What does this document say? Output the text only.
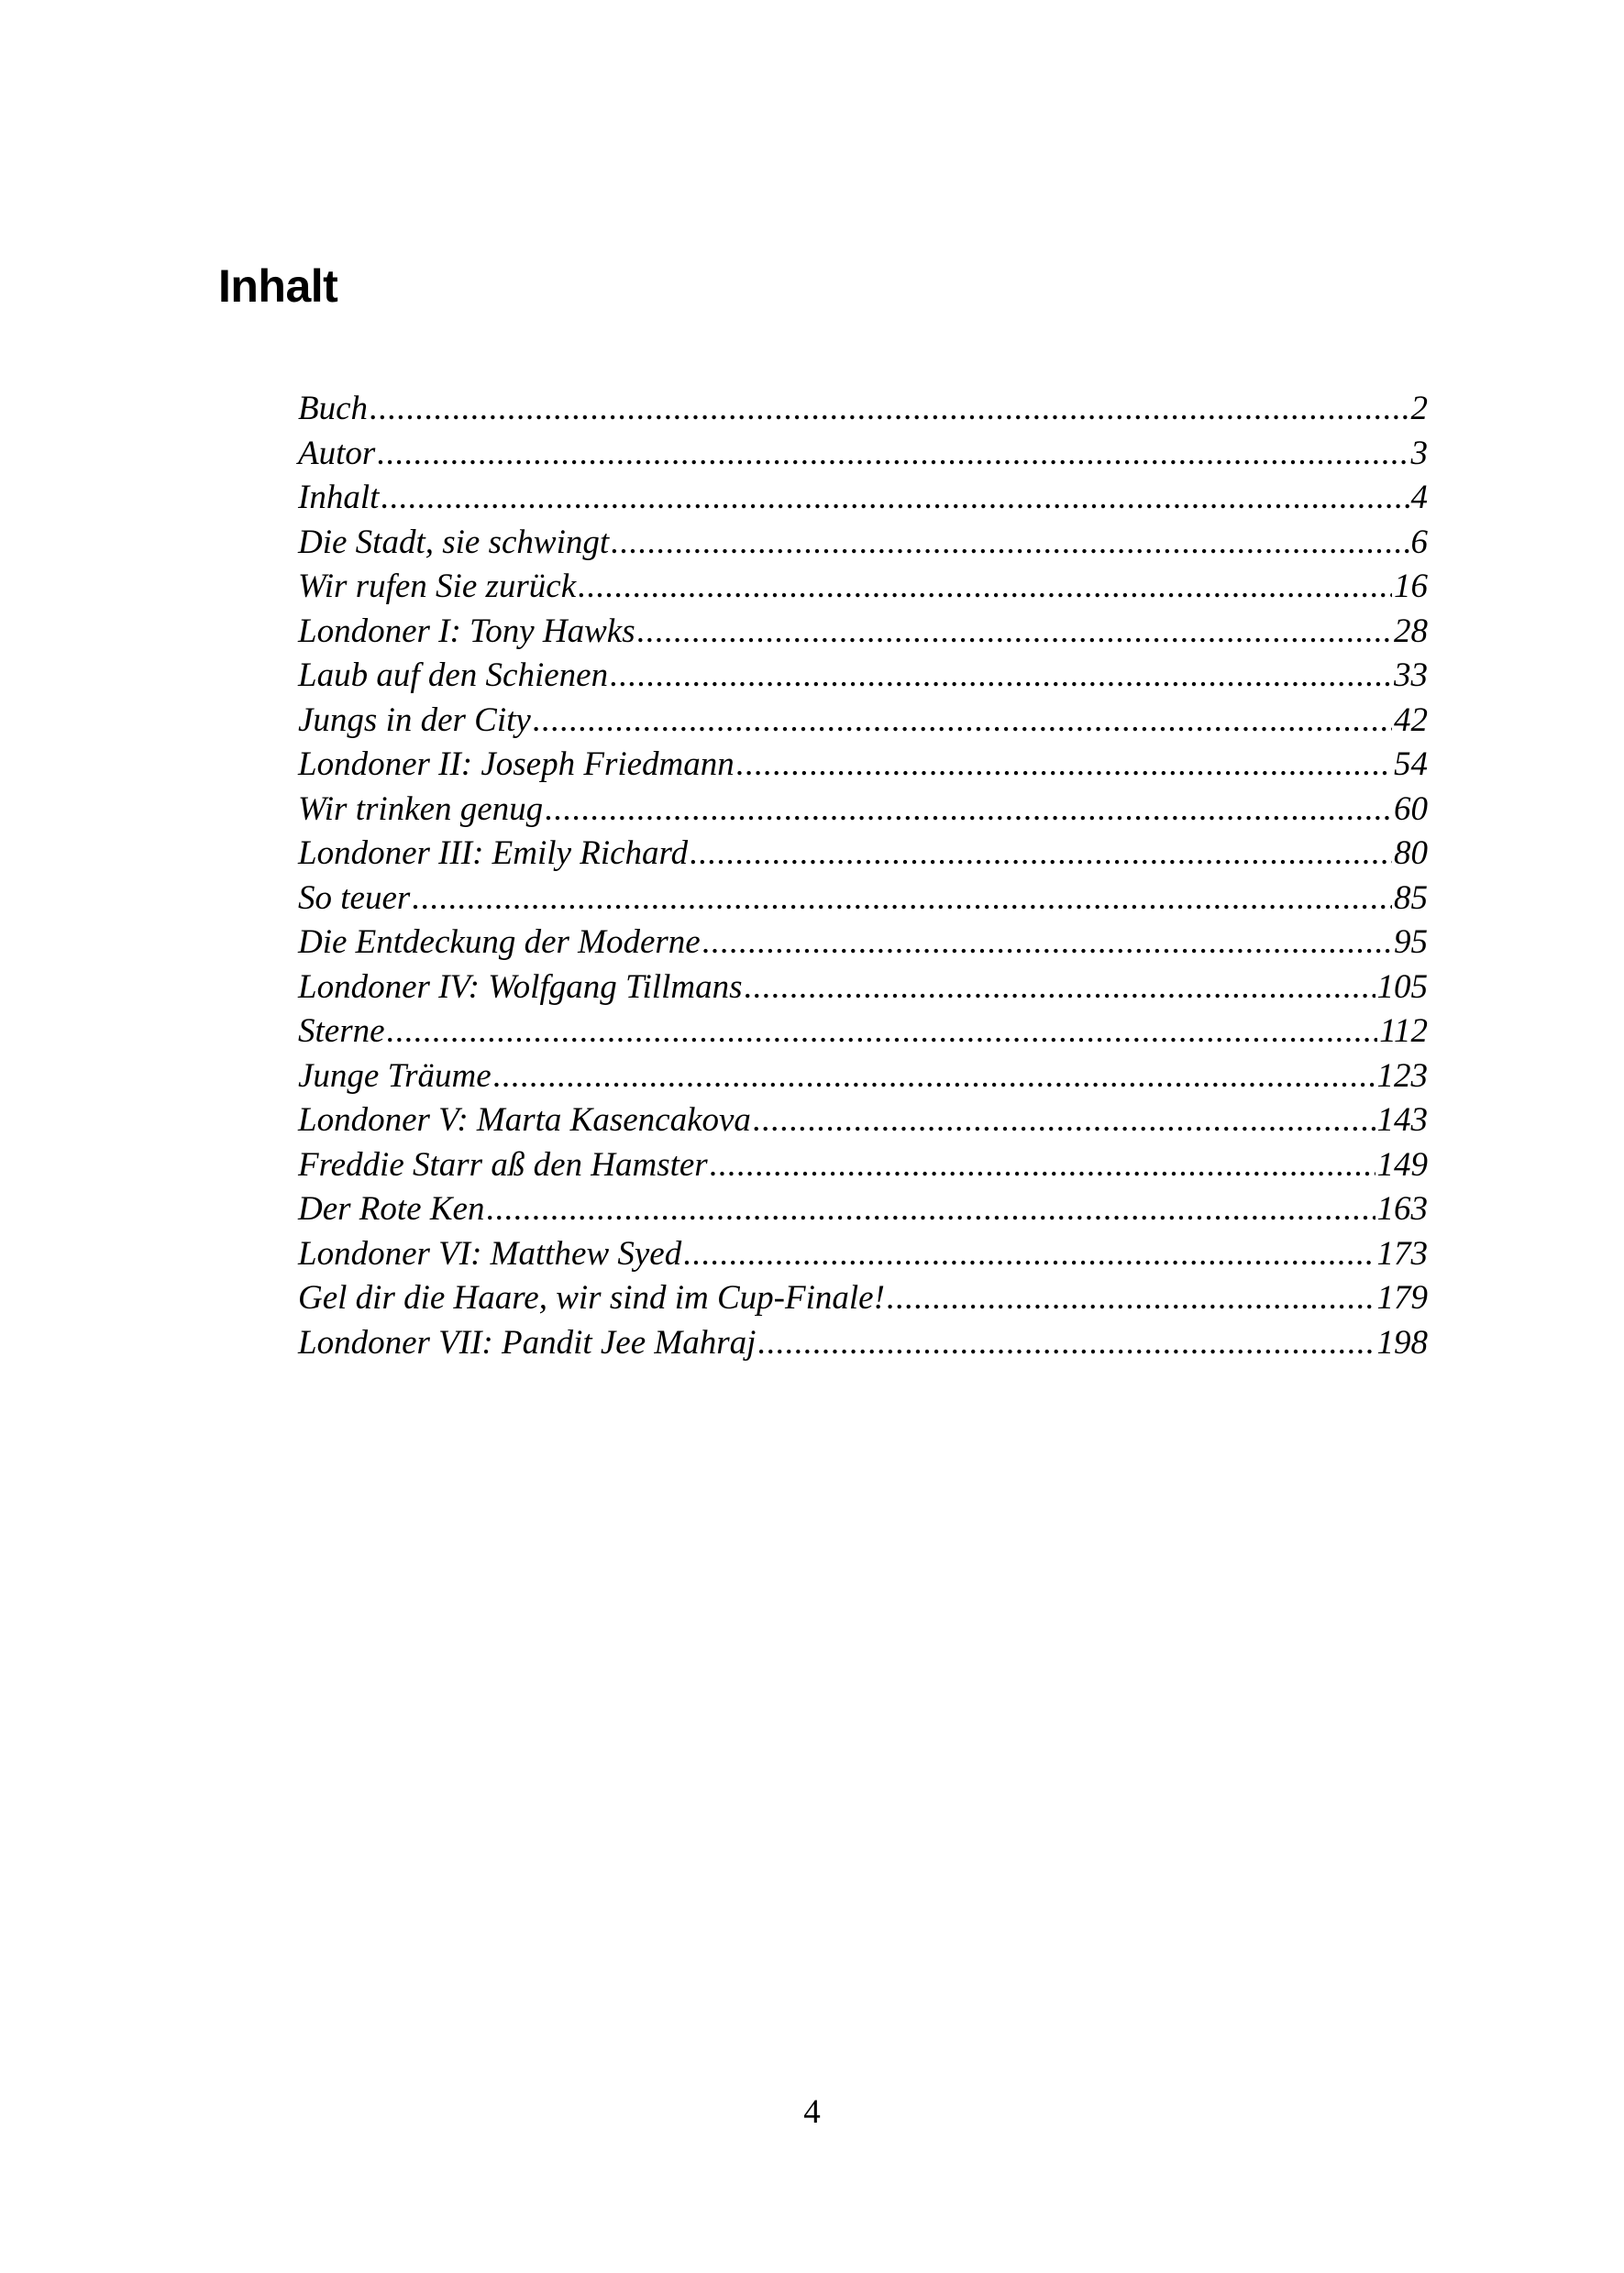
Inhalt
Buch .....	2
Autor .....	3
Inhalt .....	4
Die Stadt, sie schwingt .....	6
Wir rufen Sie zurück .....	16
Londoner I: Tony Hawks .....	28
Laub auf den Schienen .....	33
Jungs in der City .....	42
Londoner II: Joseph Friedmann .....	54
Wir trinken genug .....	60
Londoner III: Emily Richard .....	80
So teuer .....	85
Die Entdeckung der Moderne .....	95
Londoner IV: Wolfgang Tillmans .....	105
Sterne .....	112
Junge Träume .....	123
Londoner V: Marta Kasencakova .....	143
Freddie Starr aß den Hamster .....	149
Der Rote Ken .....	163
Londoner VI: Matthew Syed .....	173
Gel dir die Haare, wir sind im Cup-Finale! .....	179
Londoner VII: Pandit Jee Mahraj .....	198
4
